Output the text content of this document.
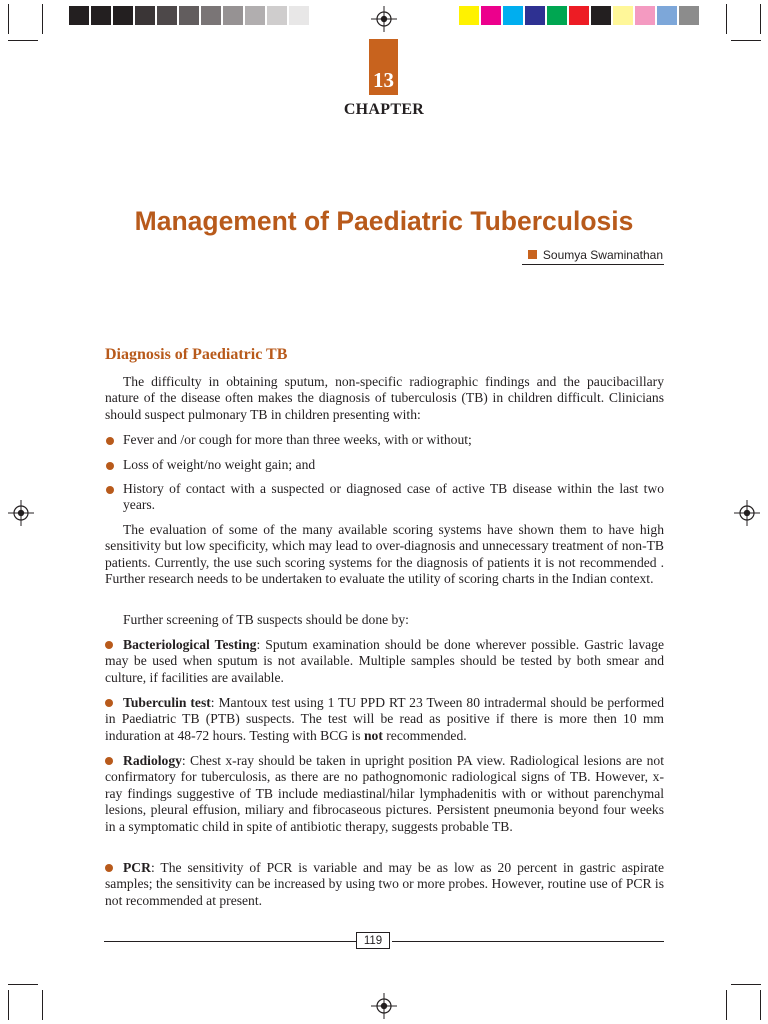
13
CHAPTER
Management of Paediatric Tuberculosis
Soumya Swaminathan
Diagnosis of Paediatric TB
The difficulty in obtaining sputum, non-specific radiographic findings and the paucibacillary nature of the disease often makes the diagnosis of tuberculosis (TB) in children difficult. Clinicians should suspect pulmonary TB in children presenting with:
Fever and /or cough for more than three weeks, with or without;
Loss of weight/no weight gain; and
History of contact with a suspected or diagnosed case of active TB disease within the last two years.
The evaluation of some of the many available scoring systems have shown them to have high sensitivity but low specificity, which may lead to over-diagnosis and unnecessary treatment of non-TB patients. Currently, the use such scoring systems for the diagnosis of patients it is not recommended . Further research needs to be undertaken to evaluate the utility of scoring charts in the Indian context.
Further screening of TB suspects should be done by:
Bacteriological Testing: Sputum examination should be done wherever possible. Gastric lavage may be used when sputum is not available. Multiple samples should be tested by both smear and culture, if facilities are available.
Tuberculin test: Mantoux test using 1 TU PPD RT 23 Tween 80 intradermal should be performed in Paediatric TB (PTB) suspects. The test will be read as positive if there is more then 10 mm induration at 48-72 hours. Testing with BCG is not recommended.
Radiology: Chest x-ray should be taken in upright position PA view. Radiological lesions are not confirmatory for tuberculosis, as there are no pathognomonic radiological signs of TB. However, x-ray findings suggestive of TB include mediastinal/hilar lymphadenitis with or without parenchymal lesions, pleural effusion, miliary and fibrocaseous pictures. Persistent pneumonia beyond four weeks in a symptomatic child in spite of antibiotic therapy, suggests probable TB.
PCR: The sensitivity of PCR is variable and may be as low as 20 percent in gastric aspirate samples; the sensitivity can be increased by using two or more probes. However, routine use of PCR is not recommended at present.
119
